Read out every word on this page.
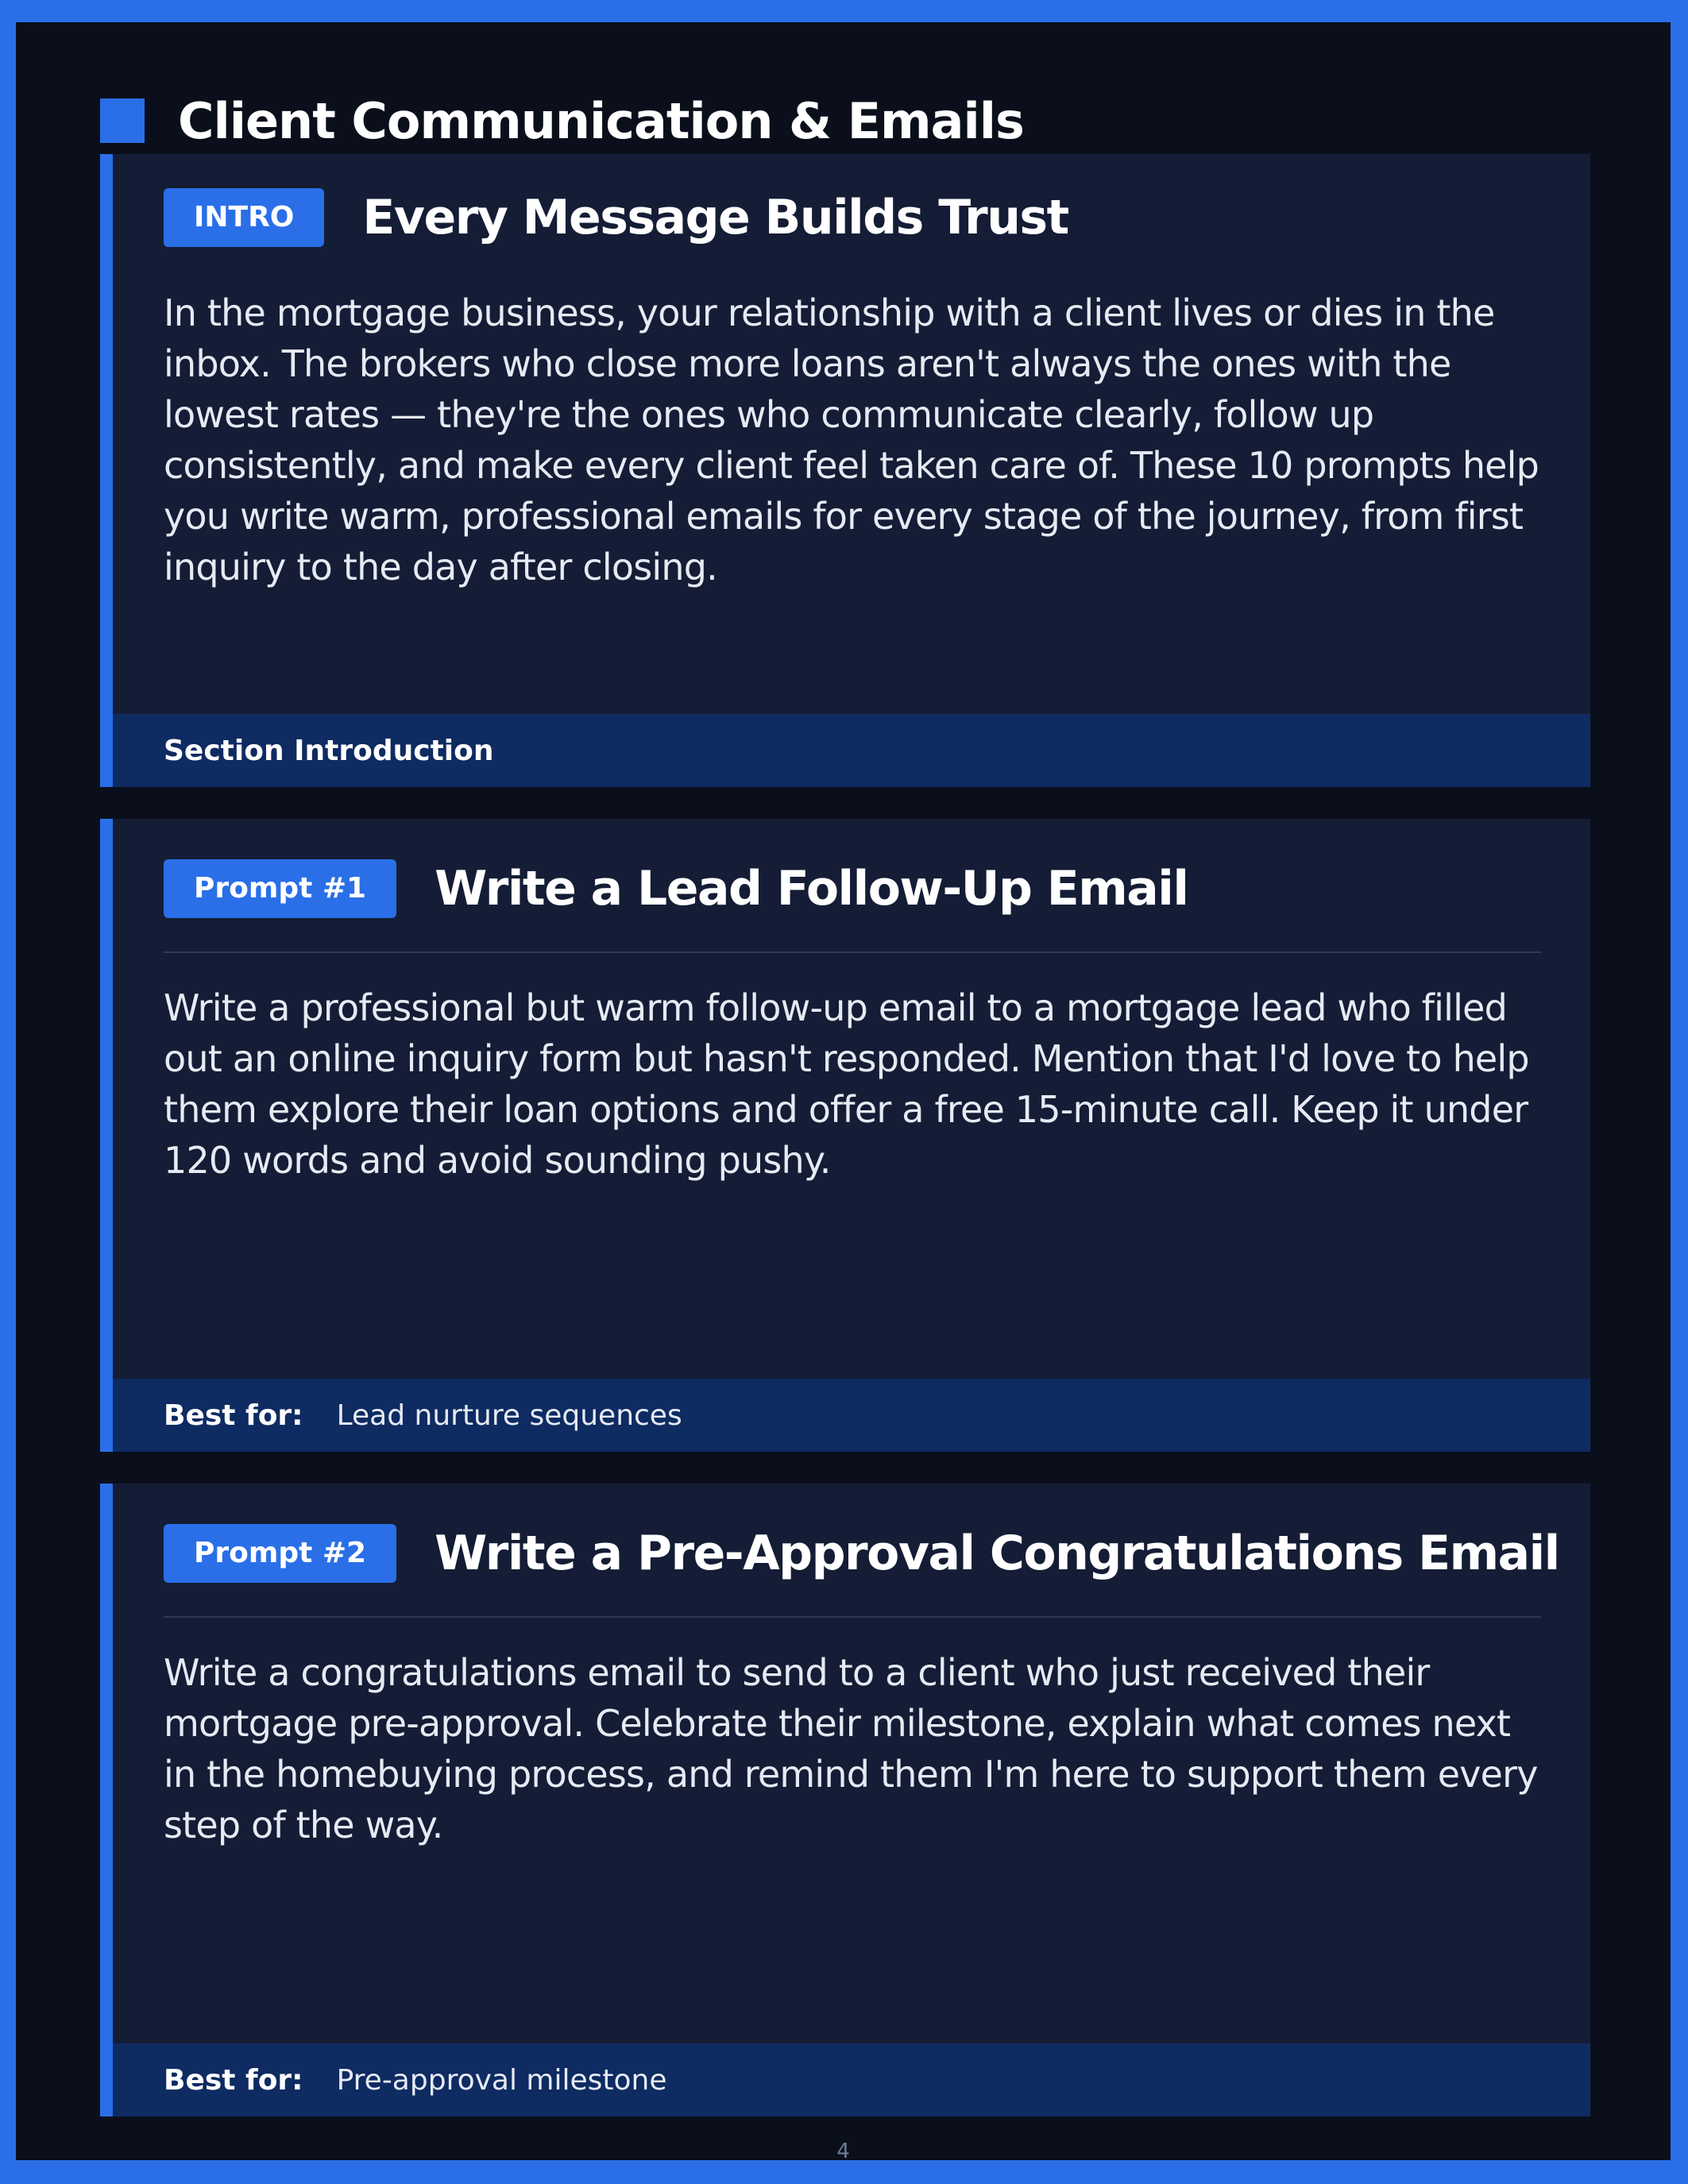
Client Communication & Emails
INTRO	Every Message Builds Trust
In the mortgage business, your relationship with a client lives or dies in the inbox. The brokers who close more loans aren't always the ones with the lowest rates — they're the ones who communicate clearly, follow up consistently, and make every client feel taken care of. These 10 prompts help you write warm, professional emails for every stage of the journey, from first inquiry to the day after closing.
Section Introduction
Prompt #1	Write a Lead Follow-Up Email
Write a professional but warm follow-up email to a mortgage lead who filled out an online inquiry form but hasn't responded. Mention that I'd love to help them explore their loan options and offer a free 15-minute call. Keep it under 120 words and avoid sounding pushy.
Best for: Lead nurture sequences
Prompt #2	Write a Pre-Approval Congratulations Email
Write a congratulations email to send to a client who just received their mortgage pre-approval. Celebrate their milestone, explain what comes next in the homebuying process, and remind them I'm here to support them every step of the way.
Best for: Pre-approval milestone
4
